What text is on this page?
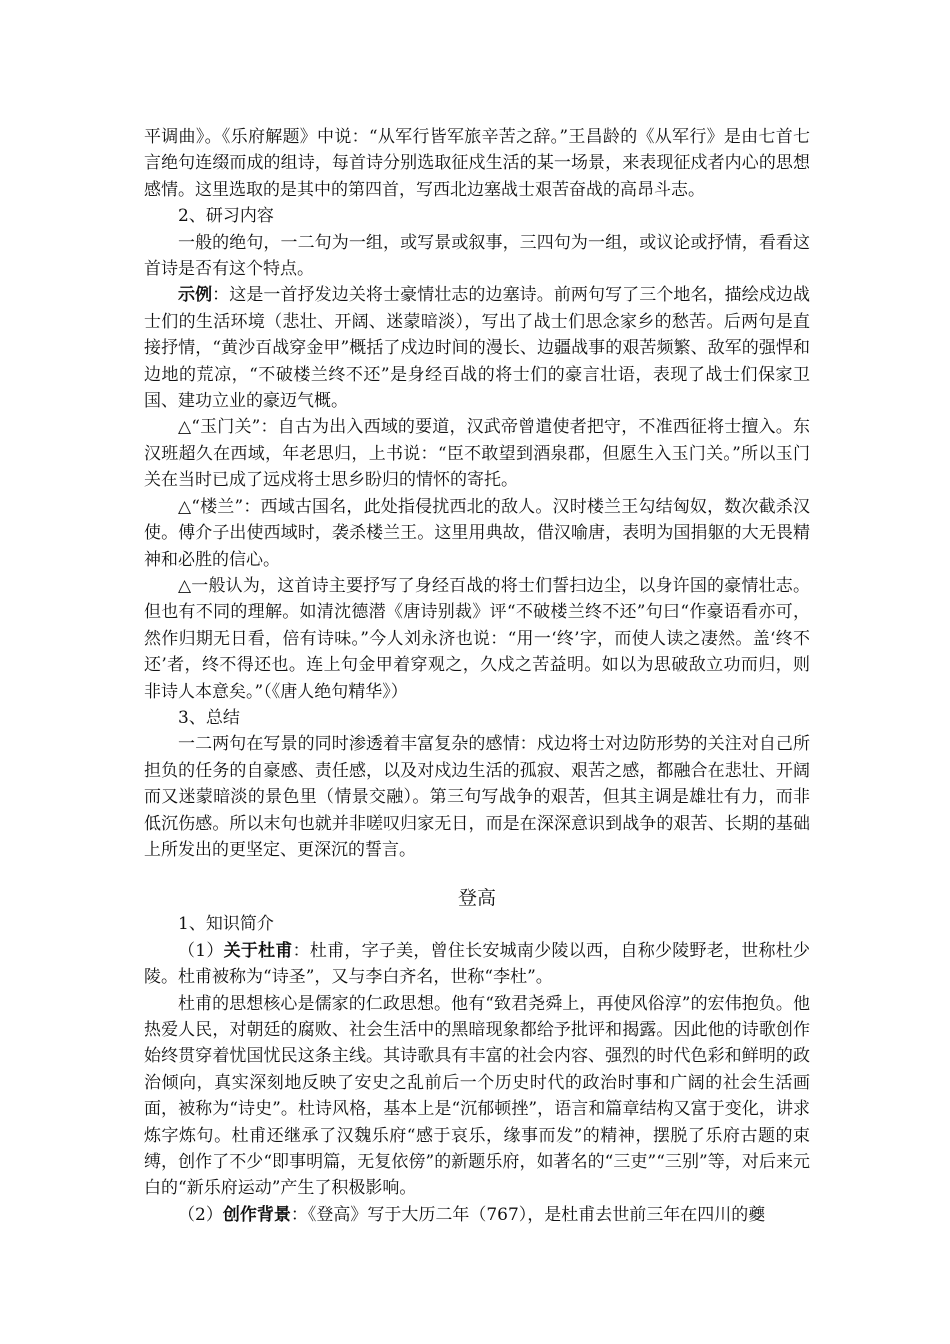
平调曲》。《乐府解题》中说：“从军行皆军旅辛苦之辞。”王昌龄的《从军行》是由七首七言绝句连缀而成的组诗，每首诗分别选取征戍生活的某一场景，来表现征戍者内心的思想感情。这里选取的是其中的第四首，写西北边塞战士艰苦奋战的高昂斗志。

2、研习内容

一般的绝句，一二句为一组，或写景或叙事，三四句为一组，或议论或抒情，看看这首诗是否有这个特点。

示例：这是一首抒发边关将士豪情壮志的边塞诗。前两句写了三个地名，描绘戍边战士们的生活环境（悲壮、开阔、迷蒙暗淡），写出了战士们思念家乡的愁苦。后两句是直接抒情，“黄沙百战穿金甲”概括了戍边时间的漫长、边疆战事的艰苦频繁、敌军的强悍和边地的荒凉，“不破楼兰终不还”是身经百战的将士们的豪言壮语，表现了战士们保家卫国、建功立业的豪迈气概。

△“玉门关”：自古为出入西域的要道，汉武帝曾遣使者把守，不准西征将士擅入。东汉班超久在西域，年老思归，上书说：“臣不敢望到酒泉郡，但愿生入玉门关。”所以玉门关在当时已成了远戍将士思乡盼归的情怀的寄托。

△“楼兰”：西域古国名，此处指侵扰西北的敌人。汉时楼兰王勾结匈奴，数次截杀汉使。傅介子出使西域时，袭杀楼兰王。这里用典故，借汉喻唐，表明为国捐躯的大无畏精神和必胜的信心。

△一般认为，这首诗主要抒写了身经百战的将士们誓扫边尘，以身许国的豪情壮志。但也有不同的理解。如清沈德潜《唐诗别裁》评“不破楼兰终不还”句曰“作豪语看亦可，然作归期无日看，倍有诗味。”今人刘永济也说：“用一‘终’字，而使人读之凄然。盖‘终不还’者，终不得还也。连上句金甲着穿观之，久戍之苦益明。如以为思破敌立功而归，则非诗人本意矣。”（《唐人绝句精华》）

3、总结

一二两句在写景的同时渗透着丰富复杂的感情：戍边将士对边防形势的关注对自己所担负的任务的自豪感、责任感，以及对戍边生活的孤寂、艰苦之感，都融合在悲壮、开阔而又迷蒙暗淡的景色里（情景交融）。第三句写战争的艰苦，但其主调是雄壮有力，而非低沉伤感。所以末句也就并非嗟叹归家无日，而是在深深意识到战争的艰苦、长期的基础上所发出的更坚定、更深沉的誓言。

登高

1、知识简介

（1）关于杜甫：杜甫，字子美，曾住长安城南少陵以西，自称少陵野老，世称杜少陵。杜甫被称为“诗圣”，又与李白齐名，世称“李杜”。

杜甫的思想核心是儒家的仁政思想。他有“致君尧舜上，再使风俗淳”的宏伟抱负。他热爱人民，对朝廷的腐败、社会生活中的黑暗现象都给予批评和揭露。因此他的诗歌创作始终贯穿着忧国忧民这条主线。其诗歌具有丰富的社会内容、强烈的时代色彩和鲜明的政治倾向，真实深刻地反映了安史之乱前后一个历史时代的政治时事和广阔的社会生活画面，被称为“诗史”。杜诗风格，基本上是“沉郁顿挫”，语言和篇章结构又富于变化，讲求炼字炼句。杜甫还继承了汉魏乐府“感于哀乐，缘事而发”的精神，摆脱了乐府古题的束缚，创作了不少“即事明篇，无复依傍”的新题乐府，如著名的“三吏”“三别”等，对后来元白的“新乐府运动”产生了积极影响。

（2）创作背景：《登高》写于大历二年（767），是杜甫去世前三年在四川的夔
